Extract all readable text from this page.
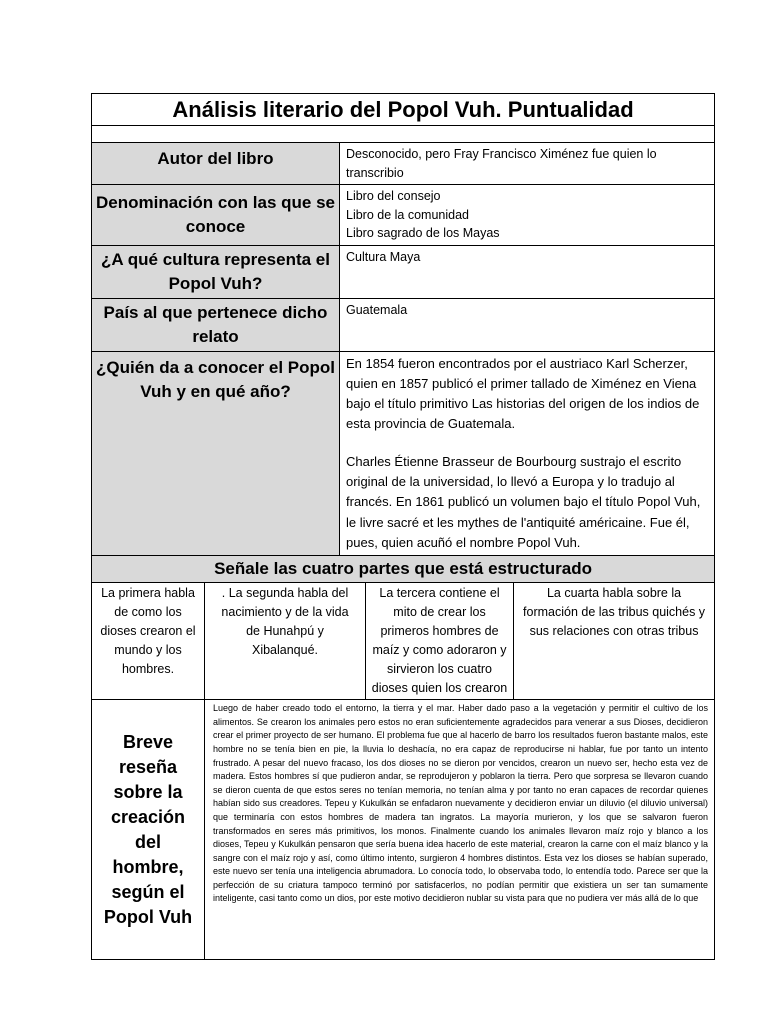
Análisis literario del Popol Vuh. Puntualidad				

Autor del libro		Desconocido, pero Fray Francisco Ximénez fue quien lo transcribio		

Denominación con las que se conoce		Libro del consejo

Libro de la comunidad

Libro sagrado de los Mayas		

¿A qué cultura representa el Popol Vuh?		Cultura Maya		

País al que pertenece dicho relato		Guatemala		

¿Quién da a conocer el Popol Vuh y en qué año?		En 1854 fueron encontrados por el austriaco Karl Scherzer, quien en 1857 publicó el primer tallado de Ximénez en Viena bajo el título primitivo Las historias del origen de los indios de esta provincia de Guatemala.

Charles Étienne Brasseur de Bourbourg sustrajo el escrito original de la universidad, lo llevó a Europa y lo tradujo al francés. En 1861 publicó un volumen bajo el título Popol Vuh, le livre sacré et les mythes de l'antiquité américaine. Fue él, pues, quien acuñó el nombre Popol Vuh.		

Señale las cuatro partes que está estructurado				
La primera habla de como los dioses crearon el mundo y los hombres.	. La segunda habla del nacimiento y de la vida de Hunahpú y Xibalanqué.		La tercera contiene el mito de crear los primeros hombres de maíz y como adoraron y sirvieron los cuatro dioses quien los crearon	La cuarta habla sobre la formación de las tribus quichés y sus relaciones con otras tribus

Breve reseña sobre la creación del hombre, según el Popol Vuh	Luego de haber creado todo el entorno, la tierra y el mar. Haber dado paso a la vegetación y permitir el cultivo de los alimentos. Se crearon los animales pero estos no eran suficientemente agradecidos para venerar a sus Dioses, decidieron crear el primer proyecto de ser humano. El problema fue que al hacerlo de barro los resultados fueron bastante malos, este hombre no se tenía bien en pie, la lluvia lo deshacía, no era capaz de reproducirse ni hablar, fue por tanto un intento frustrado. A pesar del nuevo fracaso, los dos dioses no se dieron por vencidos, crearon un nuevo ser, hecho esta vez de madera. Estos hombres sí que pudieron andar, se reprodujeron y poblaron la tierra. Pero que sorpresa se llevaron cuando se dieron cuenta de que estos seres no tenían memoria, no tenían alma y por tanto no eran capaces de recordar quienes habían sido sus creadores. Tepeu y Kukulkán se enfadaron nuevamente y decidieron enviar un diluvio (el diluvio universal) que terminaría con estos hombres de madera tan ingratos. La mayoría murieron, y los que se salvaron fueron transformados en seres más primitivos, los monos. Finalmente cuando los animales llevaron maíz rojo y blanco a los dioses, Tepeu y Kukulkán pensaron que sería buena idea hacerlo de este material, crearon la carne con el maíz blanco y la sangre con el maíz rojo y así, como último intento, surgieron 4 hombres distintos. Esta vez los dioses se habían superado, este nuevo ser tenía una inteligencia abrumadora. Lo conocía todo, lo observaba todo, lo entendía todo. Parece ser que la perfección de su criatura tampoco terminó por satisfacerlos, no podían permitir que existiera un ser tan sumamente inteligente, casi tanto como un dios, por este motivo decidieron nublar su vista para que no pudiera ver más allá de lo que			
